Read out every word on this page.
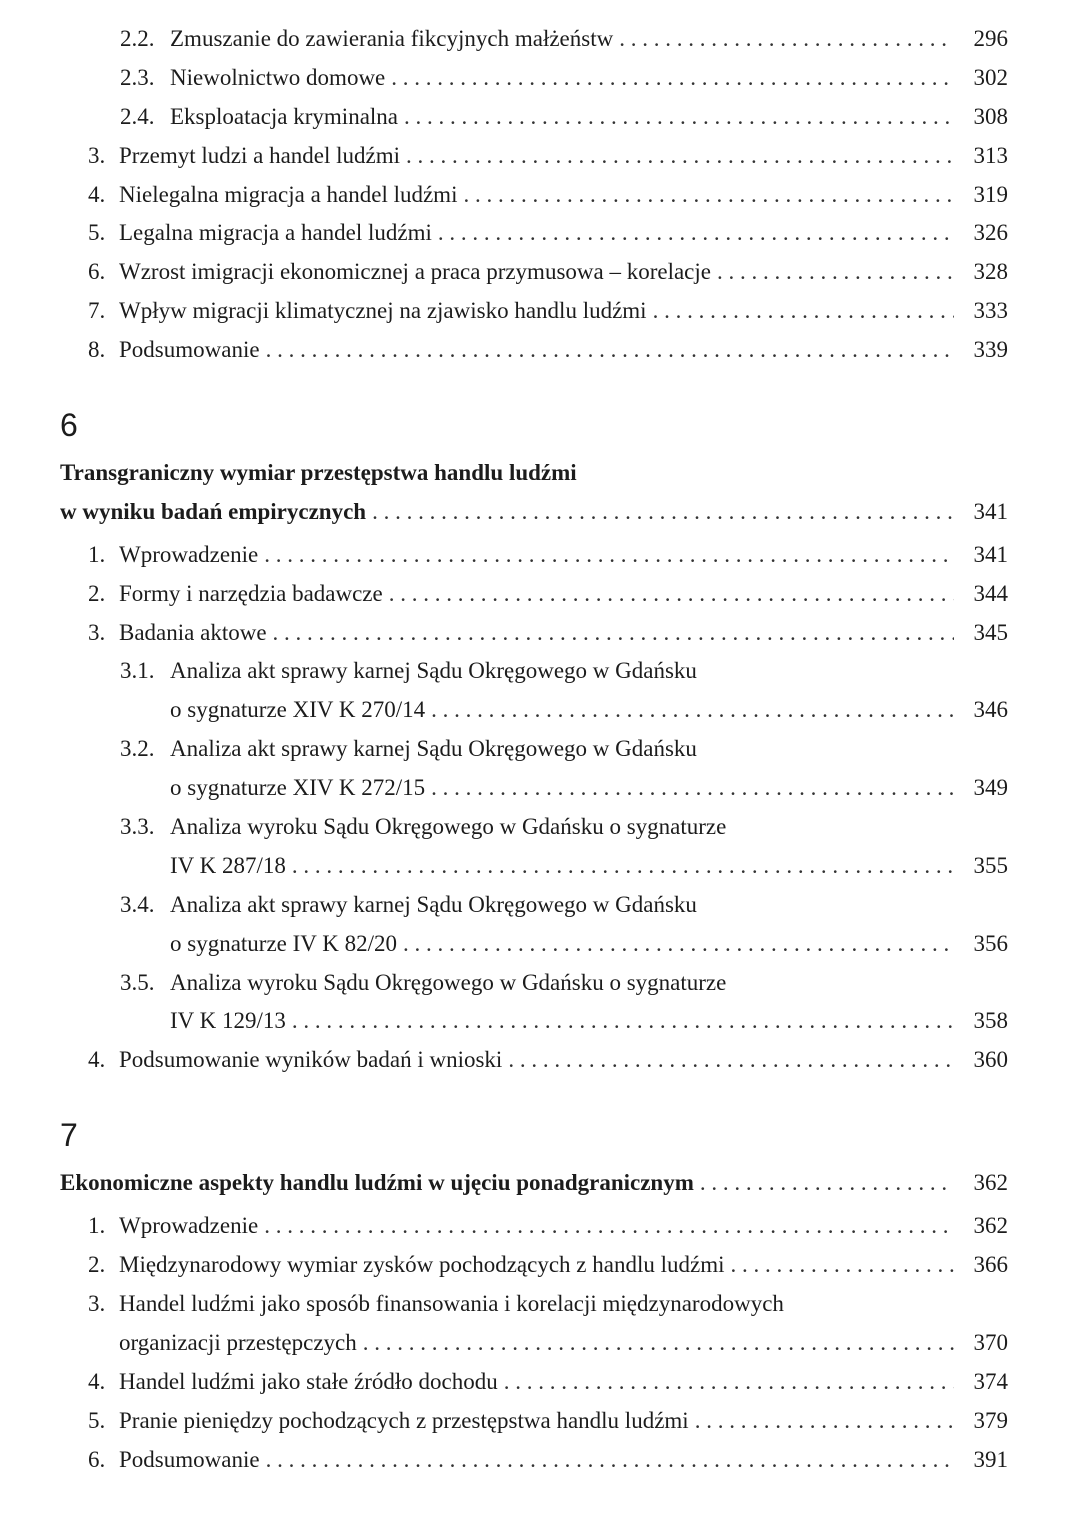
2.2. Zmuszanie do zawierania fikcyjnych małżeństw . . .	296
2.3. Niewolnictwo domowe . . .	302
2.4. Eksploatacja kryminalna . . .	308
3. Przemyt ludzi a handel ludźmi . . .	313
4. Nielegalna migracja a handel ludźmi . . .	319
5. Legalna migracja a handel ludźmi . . .	326
6. Wzrost imigracji ekonomicznej a praca przymusowa – korelacje . . .	328
7. Wpływ migracji klimatycznej na zjawisko handlu ludźmi . . .	333
8. Podsumowanie . . .	339
6
Transgraniczny wymiar przestępstwa handlu ludźmi
w wyniku badań empirycznych . . .	341
1. Wprowadzenie . . .	341
2. Formy i narzędzia badawcze . . .	344
3. Badania aktowe . . .	345
3.1. Analiza akt sprawy karnej Sądu Okręgowego w Gdańsku
o sygnaturze XIV K 270/14 . . .	346
3.2. Analiza akt sprawy karnej Sądu Okręgowego w Gdańsku
o sygnaturze XIV K 272/15 . . .	349
3.3. Analiza wyroku Sądu Okręgowego w Gdańsku o sygnaturze
IV K 287/18 . . .	355
3.4. Analiza akt sprawy karnej Sądu Okręgowego w Gdańsku
o sygnaturze IV K 82/20 . . .	356
3.5. Analiza wyroku Sądu Okręgowego w Gdańsku o sygnaturze
IV K 129/13 . . .	358
4. Podsumowanie wyników badań i wnioski . . .	360
7
Ekonomiczne aspekty handlu ludźmi w ujęciu ponadgranicznym . . .	362
1. Wprowadzenie . . .	362
2. Międzynarodowy wymiar zysków pochodzących z handlu ludźmi . . .	366
3. Handel ludźmi jako sposób finansowania i korelacji międzynarodowych
organizacji przestępczych . . .	370
4. Handel ludźmi jako stałe źródło dochodu . . .	374
5. Pranie pieniędzy pochodzących z przestępstwa handlu ludźmi . . .	379
6. Podsumowanie . . .	391
